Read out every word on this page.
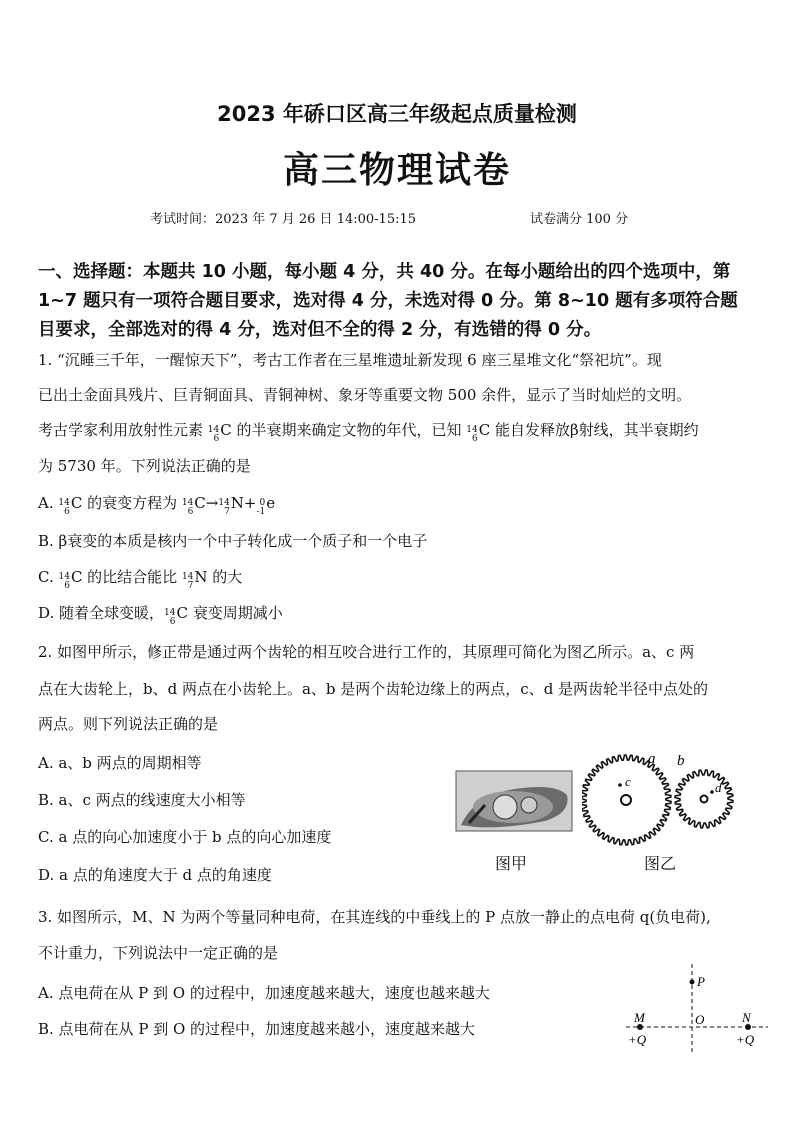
2023 年硚口区高三年级起点质量检测
高三物理试卷
考试时间：2023 年 7 月 26 日 14:00-15:15	试卷满分 100 分
一、选择题：本题共 10 小题，每小题 4 分，共 40 分。在每小题给出的四个选项中，第
1~7 题只有一项符合题目要求，选对得 4 分，未选对得 0 分。第 8~10 题有多项符合题
目要求，全部选对的得 4 分，选对但不全的得 2 分，有选错的得 0 分。
1. “沉睡三千年，一醒惊天下”，考古工作者在三星堆遗址新发现 6 座三星堆文化“祭祀坑”。现
已出土金面具残片、巨青铜面具、青铜神树、象牙等重要文物 500 余件，显示了当时灿烂的文明。
考古学家利用放射性元素 14
6 C 的半衰期来确定文物的年代，已知 14
6 C 能自发释放β射线，其半衰期约
为 5730 年。下列说法正确的是
A. 14
6 C 的衰变方程为 14
6 C→ 14
7 N+ 0
-1 e
B. β衰变的本质是核内一个中子转化成一个质子和一个电子
C. 14
6 C 的比结合能比 14
7 N 的大
D. 随着全球变暖， 14
6 C 衰变周期减小
2. 如图甲所示，修正带是通过两个齿轮的相互咬合进行工作的，其原理可简化为图乙所示。a、c 两
点在大齿轮上，b、d 两点在小齿轮上。a、b 是两个齿轮边缘上的两点，c、d 是两齿轮半径中点处的
两点。则下列说法正确的是
A. a、b 两点的周期相等
B. a、c 两点的线速度大小相等
C. a 点的向心加速度小于 b 点的向心加速度
D. a 点的角速度大于 d 点的角速度
图甲
c	d
a b
图乙
3. 如图所示，M、N 为两个等量同种电荷，在其连线的中垂线上的 P 点放一静止的点电荷 q(负电荷),
不计重力，下列说法中一定正确的是
A. 点电荷在从 P 到 O 的过程中，加速度越来越大，速度也越来越大
B. 点电荷在从 P 到 O 的过程中，加速度越来越小，速度越来越大
P
O
M	N
+Q	+Q
